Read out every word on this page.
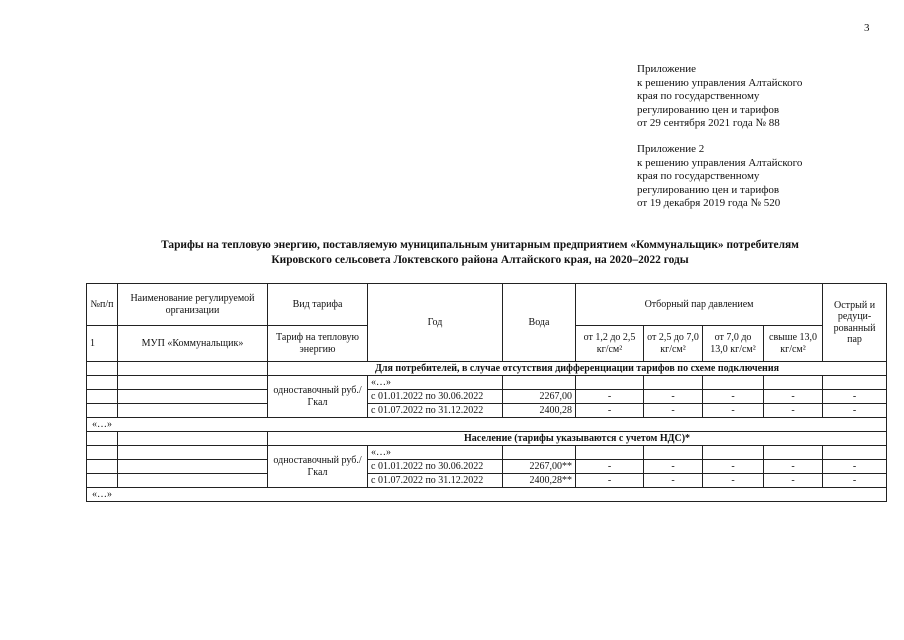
3
Приложение
к решению управления Алтайского
края по государственному
регулированию цен и тарифов
от 29 сентября 2021 года № 88
Приложение 2
к решению управления Алтайского
края по государственному
регулированию цен и тарифов
от 19 декабря 2019 года № 520
Тарифы на тепловую энергию, поставляемую муниципальным унитарным предприятием «Коммунальщик» потребителям
Кировского сельсовета Локтевского района Алтайского края, на 2020–2022 годы
№п/п	Наименование регулируемой организации	Вид тарифа	Год	Вода	Отборный пар давлением				Острый и редуци-рованный пар
1	МУП «Коммунальщик»	Тариф на тепловую энергию			от 1,2 до 2,5 кг/см²	от 2,5 до 7,0 кг/см²	от 7,0 до 13,0 кг/см²	свыше 13,0 кг/см²	
		Для потребителей, в случае отсутствия дифференциации тарифов по схеме подключения							
		одноставочный руб./Гкал	«…»						
			с 01.01.2022 по 30.06.2022	2267,00	-	-	-	-	-
			с 01.07.2022 по 31.12.2022	2400,28	-	-	-	-	-
«…»									
		Население (тарифы указываются с учетом НДС)*							
		одноставочный руб./Гкал	«…»						
			с 01.01.2022 по 30.06.2022	2267,00**	-	-	-	-	-
			с 01.07.2022 по 31.12.2022	2400,28**	-	-	-	-	-
«…»									
